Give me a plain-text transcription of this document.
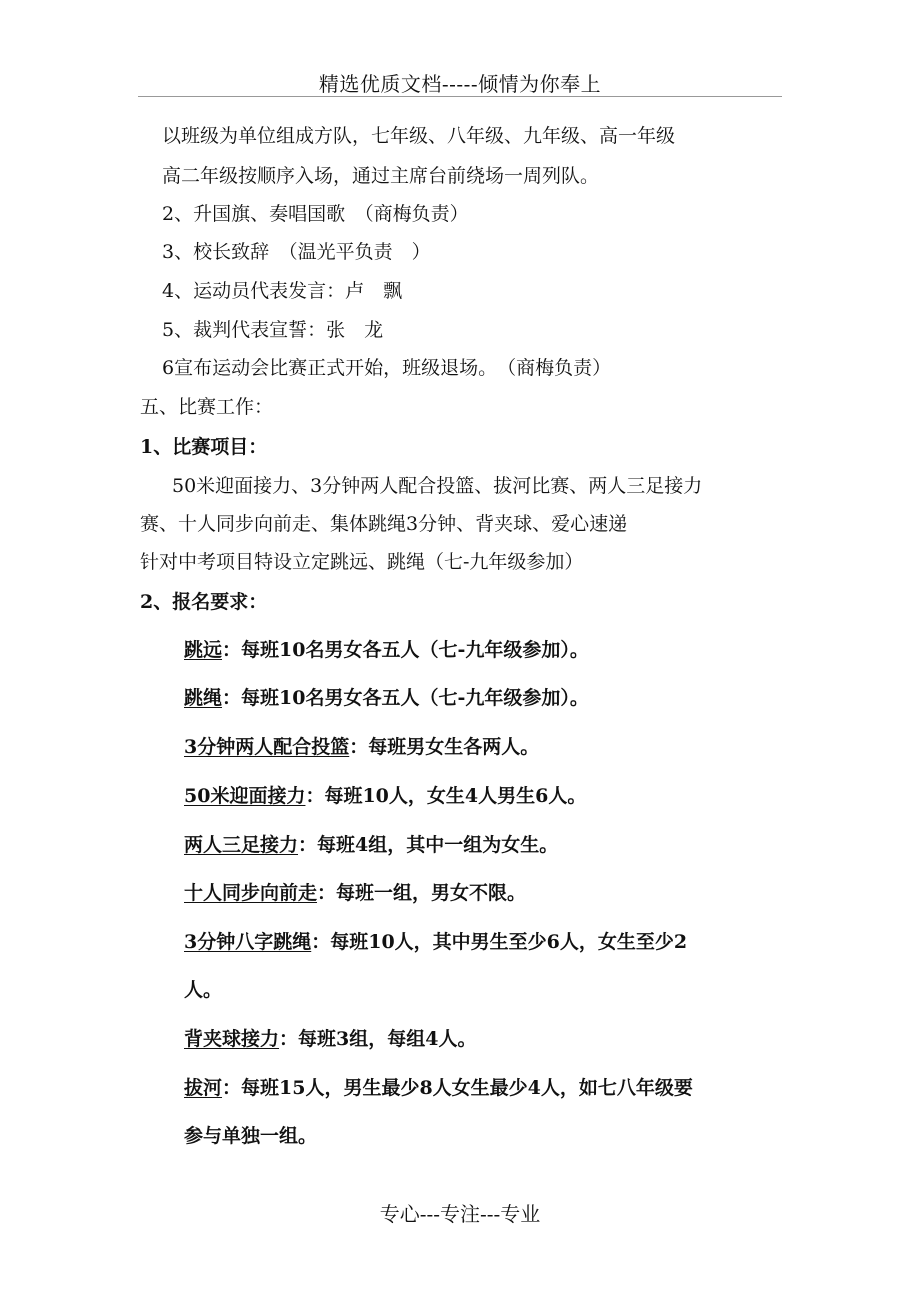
精选优质文档-----倾情为你奉上
以班级为单位组成方队，七年级、八年级、九年级、高一年级
高二年级按顺序入场，通过主席台前绕场一周列队。
2、升国旗、奏唱国歌　（商梅负责）
3、校长致辞　（温光平负责　）
4、运动员代表发言：卢　飘
5、裁判代表宣誓：张　龙
6宣布运动会比赛正式开始，班级退场。　（商梅负责）
五、比赛工作：
1、比赛项目：
50米迎面接力、3分钟两人配合投篮、拔河比赛、两人三足接力
赛、十人同步向前走、集体跳绳3分钟、背夹球、爱心速递
针对中考项目特设立定跳远、跳绳（七-九年级参加）
2、报名要求：
跳远：每班10名男女各五人（七-九年级参加）。
跳绳：每班10名男女各五人（七-九年级参加）。
3分钟两人配合投篮：每班男女生各两人。
50米迎面接力：每班10人，女生4人男生6人。
两人三足接力：每班4组，其中一组为女生。
十人同步向前走：每班一组，男女不限。
3分钟八字跳绳：每班10人，其中男生至少6人，女生至少2
人。
背夹球接力：每班3组，每组4人。
拔河：每班15人，男生最少8人女生最少4人，如七八年级要
参与单独一组。
专心---专注---专业
